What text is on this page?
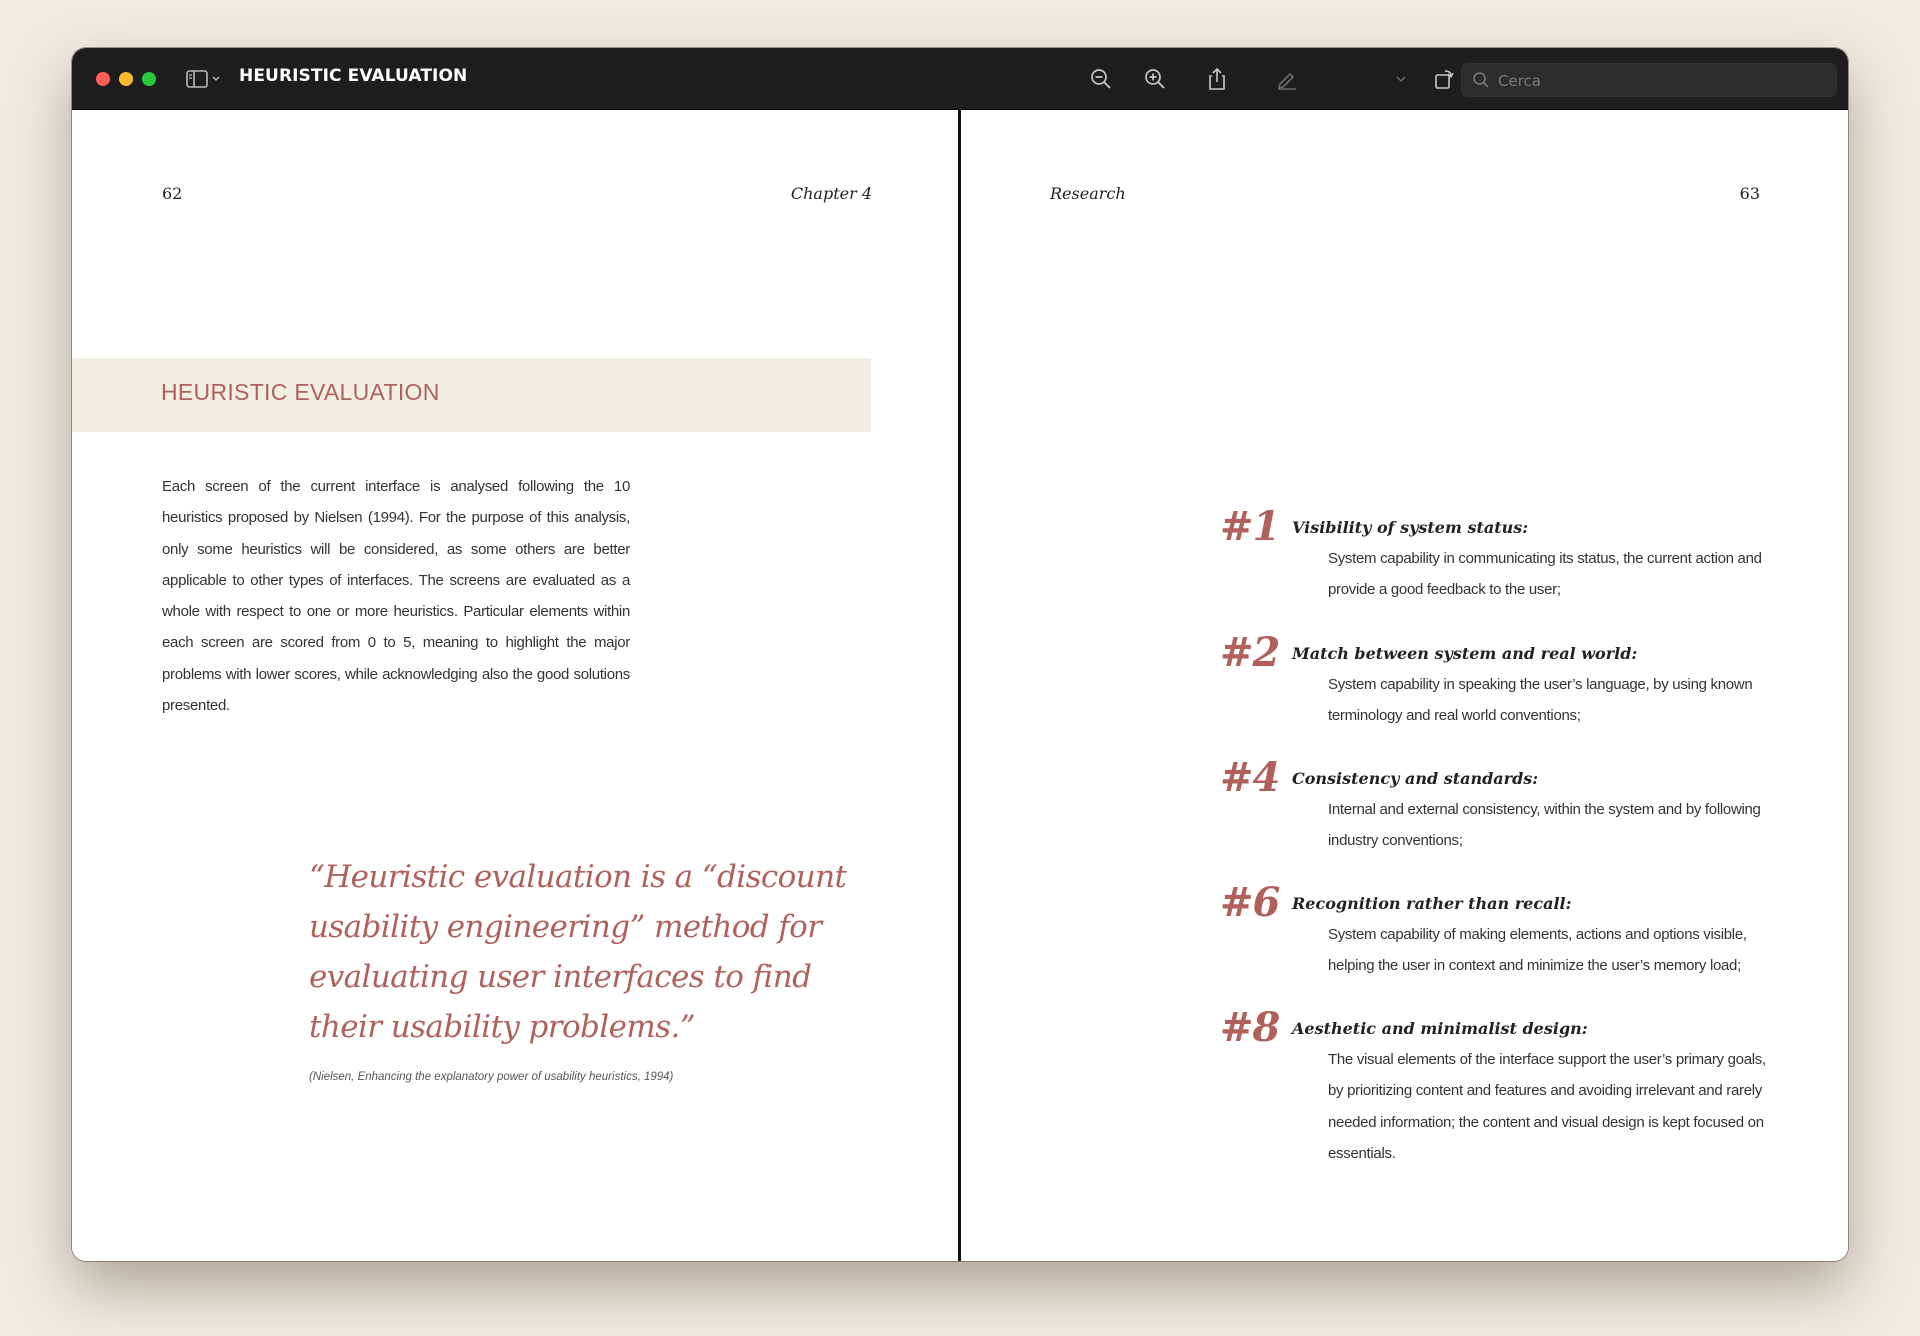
HEURISTIC EVALUATION
Cerca
62	Chapter 4
HEURISTIC EVALUATION

Each screen of the current interface is analysed following the 10 heuristics proposed by Nielsen (1994). For the purpose of this analysis, only some heuristics will be considered, as some others are better applicable to other types of interfaces. The screens are evaluated as a whole with respect to one or more heuristics. Particular elements within each screen are scored from 0 to 5, meaning to highlight the major problems with lower scores, while acknowledging also the good solutions presented.

“Heuristic evaluation is a “discount usability engineering” method for evaluating user interfaces to find their usability problems.”

(Nielsen, Enhancing the explanatory power of usability heuristics, 1994)
Research	63
#1 Visibility of system status:

System capability in communicating its status, the current action and provide a good feedback to the user;

#2 Match between system and real world:

System capability in speaking the user’s language, by using known terminology and real world conventions;

#4 Consistency and standards:

Internal and external consistency, within the system and by following industry conventions;

#6 Recognition rather than recall:

System capability of making elements, actions and options visible, helping the user in context and minimize the user’s memory load;

#8 Aesthetic and minimalist design:

The visual elements of the interface support the user’s primary goals, by prioritizing content and features and avoiding irrelevant and rarely needed information; the content and visual design is kept focused on essentials.
